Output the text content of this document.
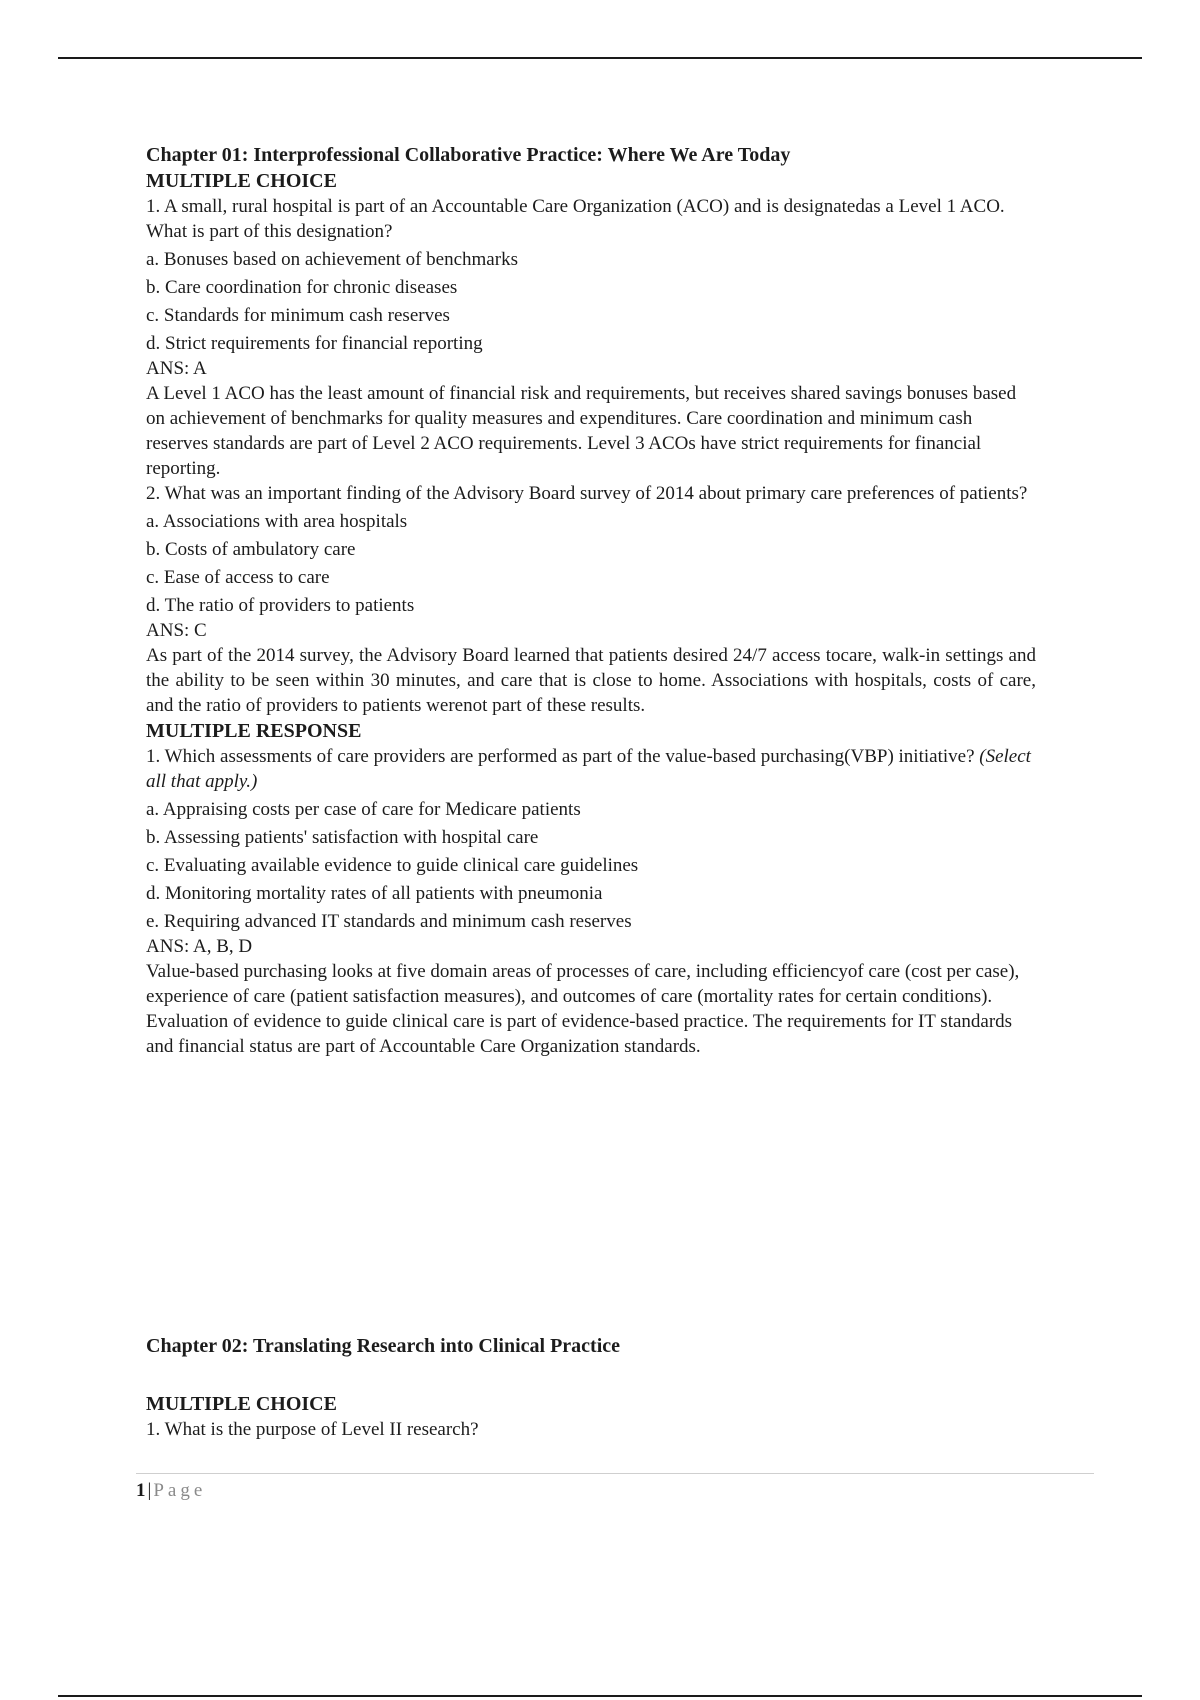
Chapter 01: Interprofessional Collaborative Practice: Where We Are Today
MULTIPLE CHOICE
1. A small, rural hospital is part of an Accountable Care Organization (ACO) and is designatedas a Level 1 ACO. What is part of this designation?
a. Bonuses based on achievement of benchmarks
b. Care coordination for chronic diseases
c. Standards for minimum cash reserves
d. Strict requirements for financial reporting
ANS: A
A Level 1 ACO has the least amount of financial risk and requirements, but receives shared savings bonuses based on achievement of benchmarks for quality measures and expenditures. Care coordination and minimum cash reserves standards are part of Level 2 ACO requirements. Level 3 ACOs have strict requirements for financial reporting.
2. What was an important finding of the Advisory Board survey of 2014 about primary care preferences of patients?
a. Associations with area hospitals
b. Costs of ambulatory care
c. Ease of access to care
d. The ratio of providers to patients
ANS: C
As part of the 2014 survey, the Advisory Board learned that patients desired 24/7 access tocare, walk-in settings and the ability to be seen within 30 minutes, and care that is close to home. Associations with hospitals, costs of care, and the ratio of providers to patients werenot part of these results.
MULTIPLE RESPONSE
1. Which assessments of care providers are performed as part of the value-based purchasing(VBP) initiative? (Select all that apply.)
a. Appraising costs per case of care for Medicare patients
b. Assessing patients' satisfaction with hospital care
c. Evaluating available evidence to guide clinical care guidelines
d. Monitoring mortality rates of all patients with pneumonia
e. Requiring advanced IT standards and minimum cash reserves
ANS: A, B, D
Value-based purchasing looks at five domain areas of processes of care, including efficiencyof care (cost per case), experience of care (patient satisfaction measures), and outcomes of care (mortality rates for certain conditions). Evaluation of evidence to guide clinical care is part of evidence-based practice. The requirements for IT standards and financial status are part of Accountable Care Organization standards.
Chapter 02: Translating Research into Clinical Practice
MULTIPLE CHOICE
1. What is the purpose of Level II research?
1 | Page
